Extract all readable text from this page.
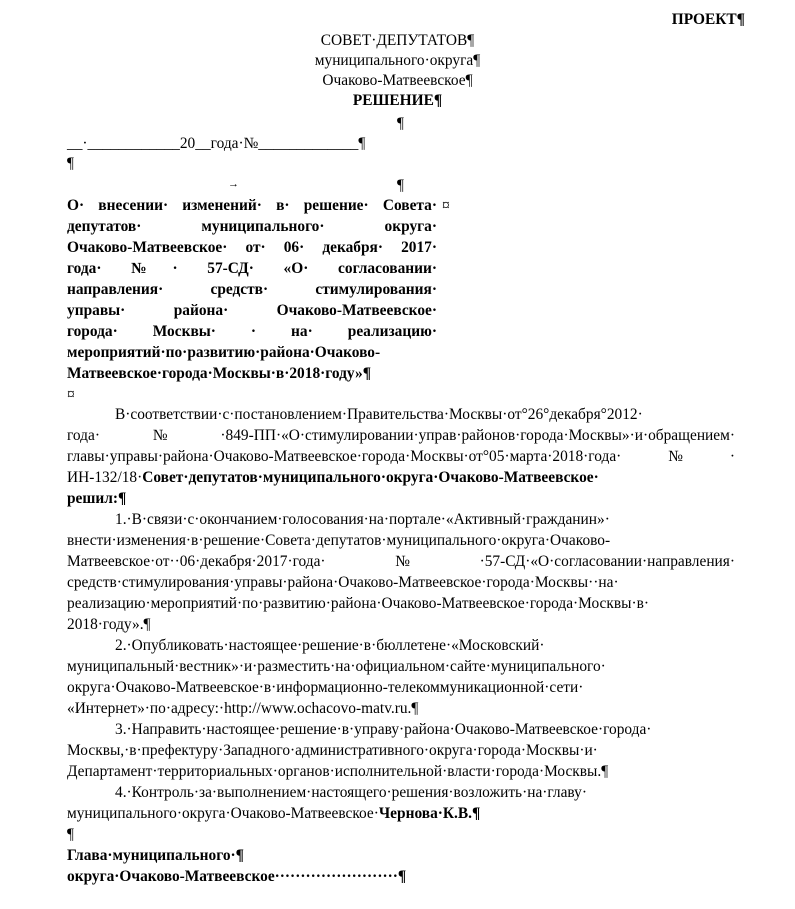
ПРОЕКТ¶
СОВЕТ·ДЕПУТАТОВ¶
муниципального·округа¶
Очаково-Матвеевское¶
РЕШЕНИЕ¶
¶
__·____________20__года·№_____________¶
¶
→	¶
О· внесении· изменений· в· решение· Совета· ¤
депутатов· муниципального· округа·
Очаково-Матвеевское· от· 06· декабря· 2017·
года· №· 57-СД· «О· согласовании·
направления· средств· стимулирования·
управы· района· Очаково-Матвеевское·
города· Москвы· · на· реализацию·
мероприятий·по·развитию·района·Очаково-
Матвеевское·города·Москвы·в·2018·году»¶
¤
В·соответствии·с·постановлением·Правительства·Москвы·от°26°декабря°2012·
года·№·849-ПП·«О·стимулировании·управ·районов·города·Москвы»·и·обращением·
главы·управы·района·Очаково-Матвеевское·города·Москвы·от°05·марта·2018·года·№·
ИН-132/18·Совет·депутатов·муниципального·округа·Очаково-Матвеевское·
решил:¶
1.·В·связи·с·окончанием·голосования·на·портале·«Активный·гражданин»·
внести·изменения·в·решение·Совета·депутатов·муниципального·округа·Очаково-
Матвеевское·от··06·декабря·2017·года·№·57-СД·«О·согласовании·направления·
средств·стимулирования·управы·района·Очаково-Матвеевское·города·Москвы··на·
реализацию·мероприятий·по·развитию·района·Очаково-Матвеевское·города·Москвы·в·
2018·году».¶
2.·Опубликовать·настоящее·решение·в·бюллетене·«Московский·
муниципальный·вестник»·и·разместить·на·официальном·сайте·муниципального·
округа·Очаково-Матвеевское·в·информационно-телекоммуникационной·сети·
«Интернет»·по·адресу:·http://www.ochacovo-matv.ru.¶
3.·Направить·настоящее·решение·в·управу·района·Очаково-Матвеевское·города·
Москвы,·в·префектуру·Западного·административного·округа·города·Москвы·и·
Департамент·территориальных·органов·исполнительной·власти·города·Москвы.¶
4.·Контроль·за·выполнением·настоящего·решения·возложить·на·главу·
муниципального·округа·Очаково-Матвеевское·Чернова·К.В.¶
¶
Глава·муниципального·¶
округа·Очаково-Матвеевское························¶
